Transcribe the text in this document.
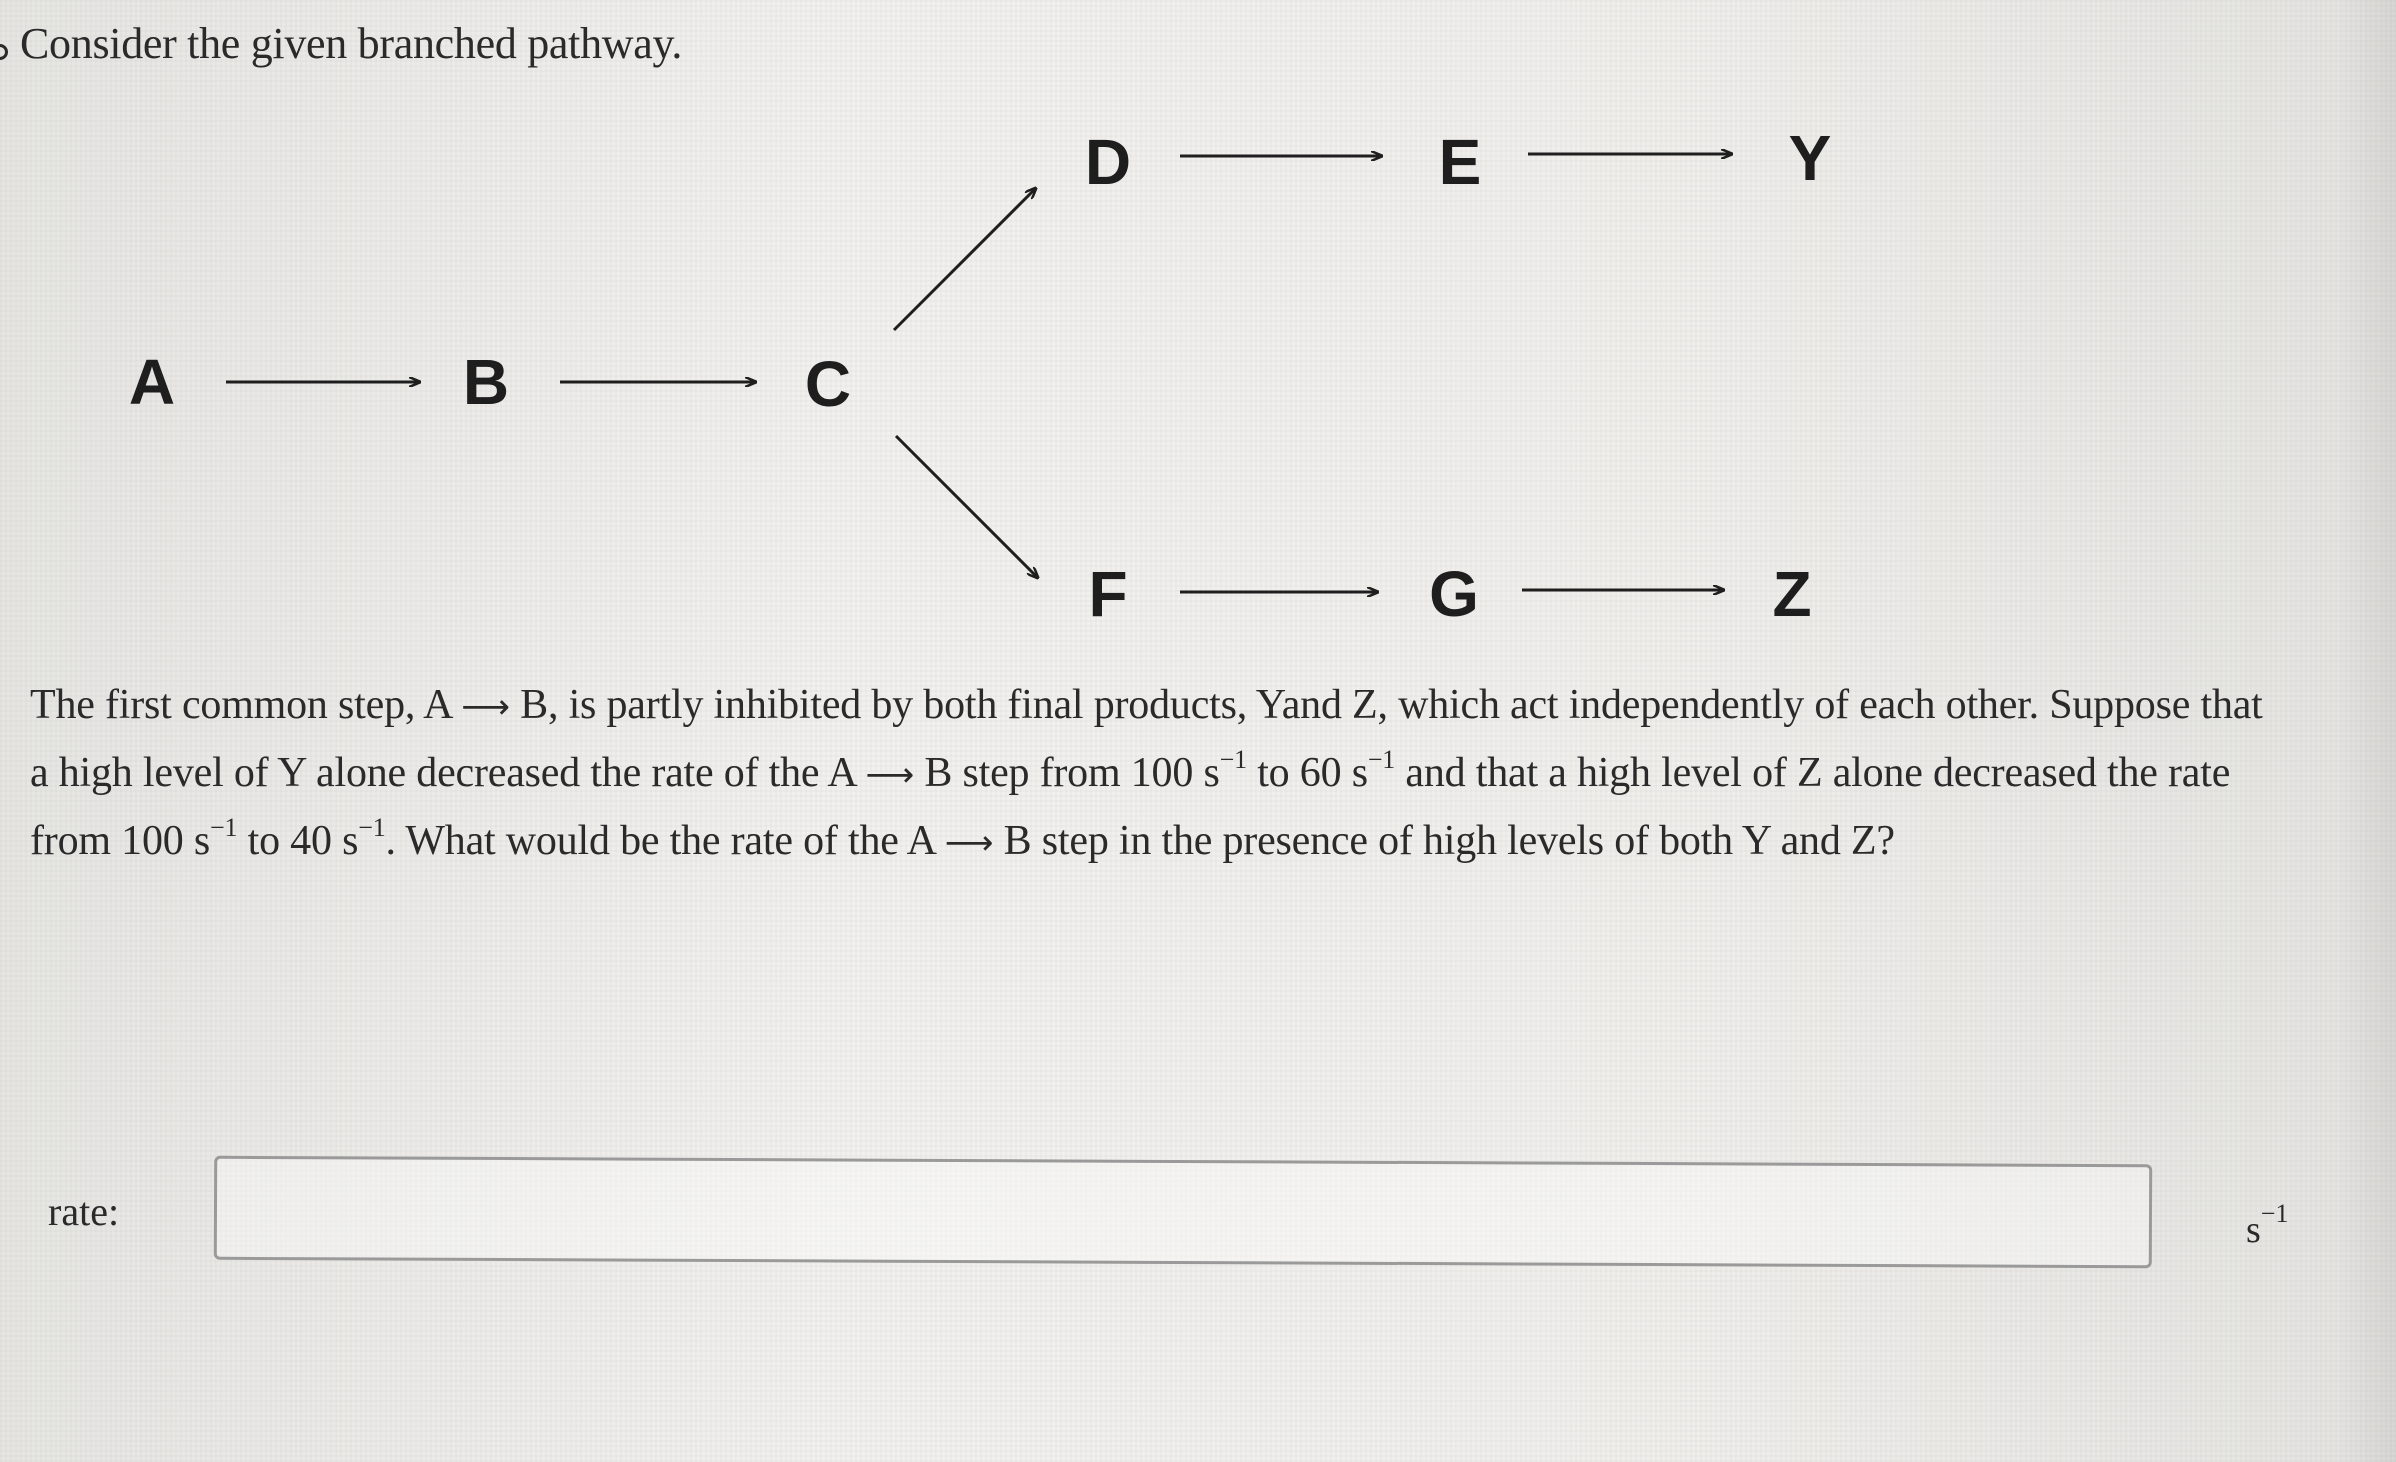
Consider the given branched pathway.
A	B	C
D	E	Y
F	G	Z

The first common step, A ⟶ B, is partly inhibited by both final products, Yand Z, which act independently of each other. Suppose that a high level of Y alone decreased the rate of the A ⟶ B step from 100 $s^{-1}$ to 60 $s^{-1}$ and that a high level of Z alone decreased the rate from 100 $s^{-1}$ to 40 $s^{-1}$. What would be the rate of the A ⟶ B step in the presence of high levels of both Y and Z?

rate:	$s^{-1}$
